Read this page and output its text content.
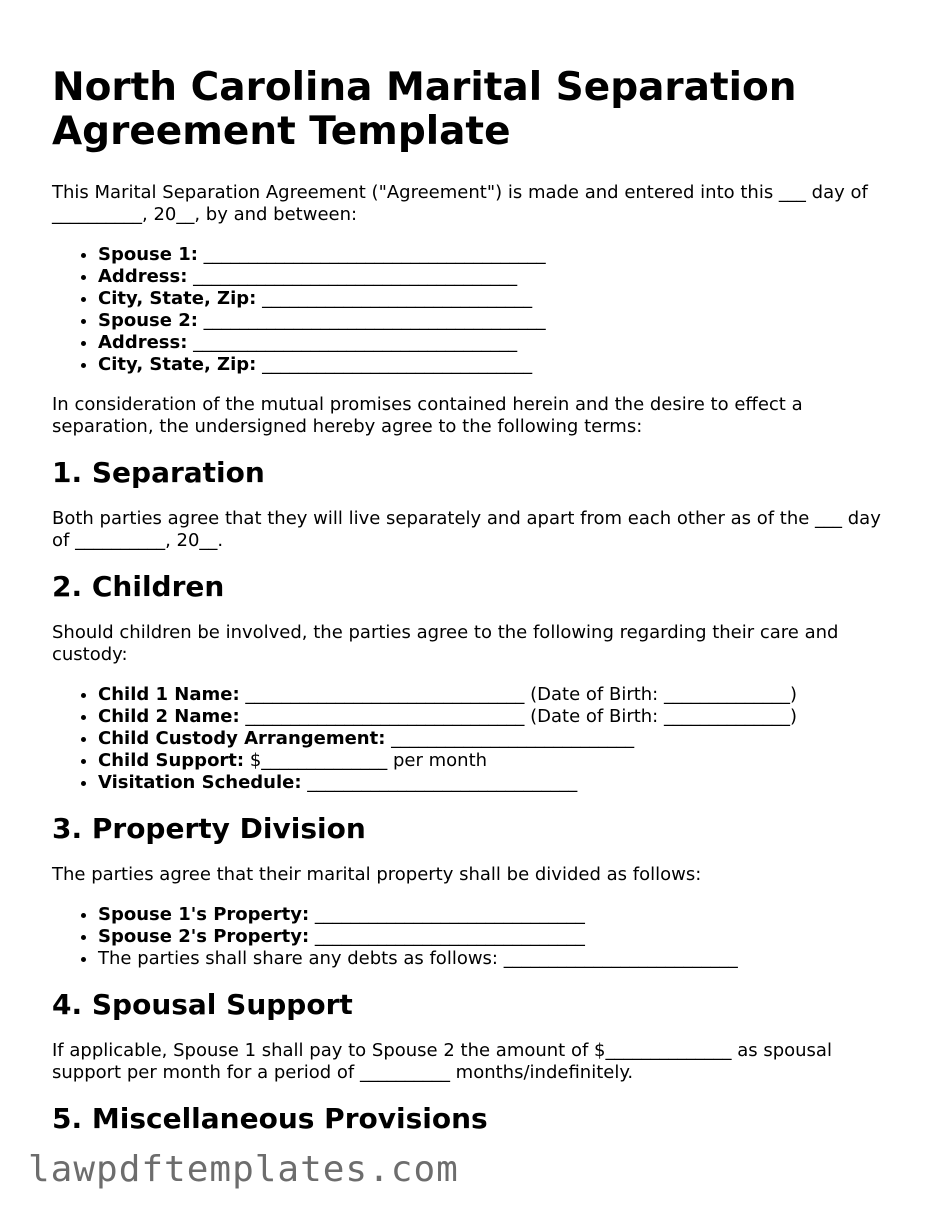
North Carolina Marital Separation Agreement Template

This Marital Separation Agreement ("Agreement") is made and entered into this ___ day of __________, 20__, by and between:

• Spouse 1: ______________________________________
• Address: ____________________________________
• City, State, Zip: ______________________________
• Spouse 2: ______________________________________
• Address: ____________________________________
• City, State, Zip: ______________________________

In consideration of the mutual promises contained herein and the desire to effect a separation, the undersigned hereby agree to the following terms:

1. Separation

Both parties agree that they will live separately and apart from each other as of the ___ day of __________, 20__.

2. Children

Should children be involved, the parties agree to the following regarding their care and custody:

• Child 1 Name: _______________________________ (Date of Birth: ______________)
• Child 2 Name: _______________________________ (Date of Birth: ______________)
• Child Custody Arrangement: ___________________________
• Child Support: $______________ per month
• Visitation Schedule: ______________________________
3. Property Division

The parties agree that their marital property shall be divided as follows:

• Spouse 1's Property: ______________________________
• Spouse 2's Property: ______________________________
• The parties shall share any debts as follows: __________________________
4. Spousal Support

If applicable, Spouse 1 shall pay to Spouse 2 the amount of $______________ as spousal support per month for a period of __________ months/indefinitely.

5. Miscellaneous Provisions
lawpdftemplates.com
